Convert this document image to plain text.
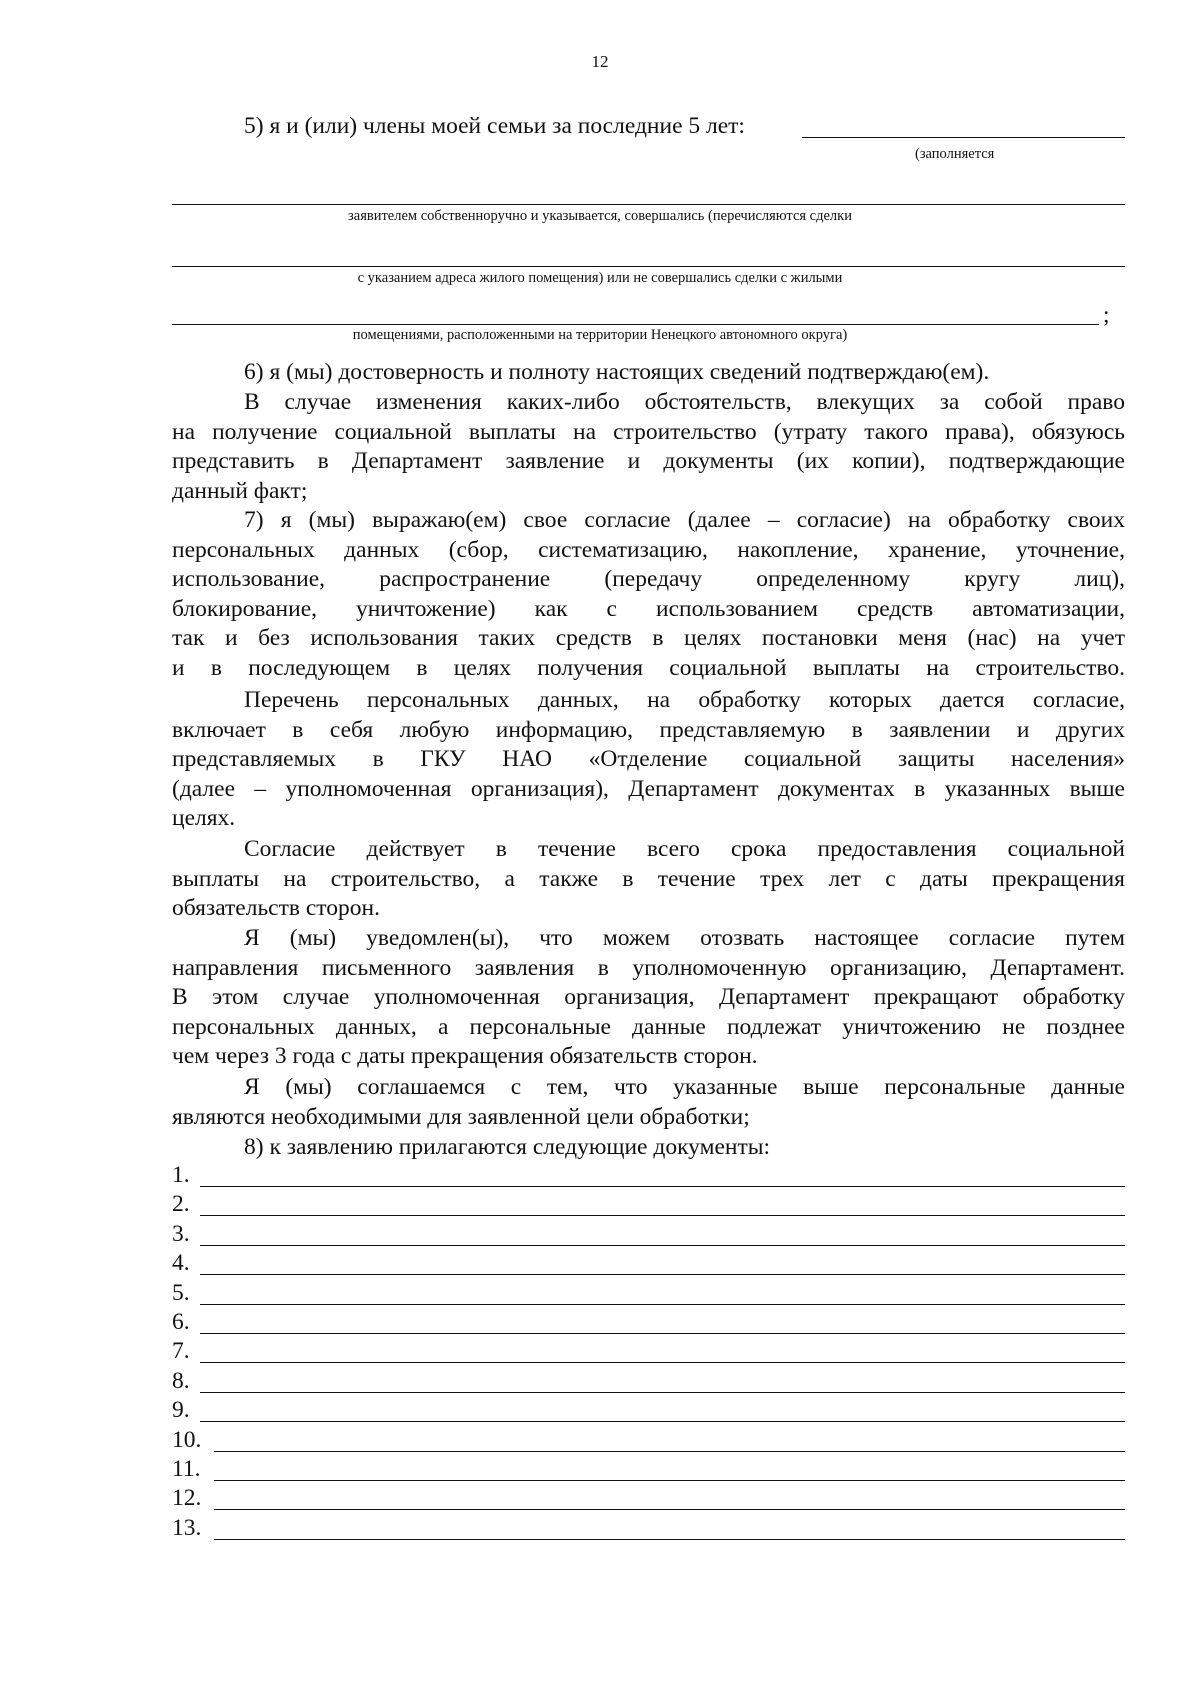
12
5) я и (или) члены моей семьи за последние 5 лет:
(заполняется
заявителем собственноручно и указывается, совершались (перечисляются сделки
с указанием адреса жилого помещения) или не совершались сделки с жилыми
;
помещениями, расположенными на территории Ненецкого автономного округа)
6) я (мы) достоверность и полноту настоящих сведений подтверждаю(ем).
В случае изменения каких-либо обстоятельств, влекущих за собой право
на получение социальной выплаты на строительство (утрату такого права), обязуюсь
представить в Департамент заявление и документы (их копии), подтверждающие
данный факт;
7) я (мы) выражаю(ем) свое согласие (далее – согласие) на обработку своих
персональных данных (сбор, систематизацию, накопление, хранение, уточнение,
использование, распространение (передачу определенному кругу лиц),
блокирование, уничтожение) как с использованием средств автоматизации,
так и без использования таких средств в целях постановки меня (нас) на учет
и в последующем в целях получения социальной выплаты на строительство.
Перечень персональных данных, на обработку которых дается согласие,
включает в себя любую информацию, представляемую в заявлении и других
представляемых в ГКУ НАО «Отделение социальной защиты населения»
(далее – уполномоченная организация), Департамент документах в указанных выше
целях.
Согласие действует в течение всего срока предоставления социальной
выплаты на строительство, а также в течение трех лет с даты прекращения
обязательств сторон.
Я (мы) уведомлен(ы), что можем отозвать настоящее согласие путем
направления письменного заявления в уполномоченную организацию, Департамент.
В этом случае уполномоченная организация, Департамент прекращают обработку
персональных данных, а персональные данные подлежат уничтожению не позднее
чем через 3 года с даты прекращения обязательств сторон.
Я (мы) соглашаемся с тем, что указанные выше персональные данные
являются необходимыми для заявленной цели обработки;
8) к заявлению прилагаются следующие документы:
1.
2.
3.
4.
5.
6.
7.
8.
9.
10.
11.
12.
13.
